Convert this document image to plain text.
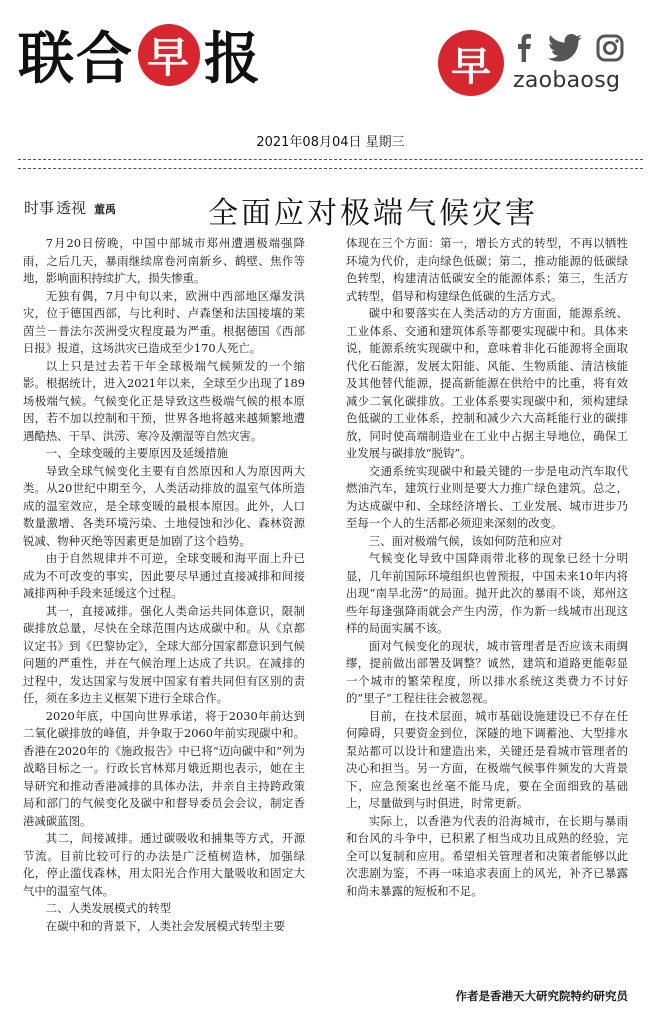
联合 早 报	早	zaobaosg
2021年08月04日 星期三
时事 透视 董禹	全面应对极端气候灾害

7月20日傍晚，中国中部城市郑州遭遇极端强降雨，之后几天，暴雨继续席卷河南新乡、鹤壁、焦作等地，影响面积持续扩大，损失惨重。

无独有偶，7月中旬以来，欧洲中西部地区爆发洪灾，位于德国西部，与比利时、卢森堡和法国接壤的莱茵兰－普法尔茨洲受灾程度最为严重。根据德国《西部日报》报道，这场洪灾已造成至少170人死亡。

以上只是过去若干年全球极端气候频发的一个缩影。根据统计，进入2021年以来，全球至少出现了189场极端气候。气候变化正是导致这些极端气候的根本原因，若不加以控制和干预，世界各地将越来越频繁地遭遇酷热、干旱、洪涝、寒冷及潮湿等自然灾害。

一、全球变暖的主要原因及延缓措施

导致全球气候变化主要有自然原因和人为原因两大类。从20世纪中期至今，人类活动排放的温室气体所造成的温室效应，是全球变暖的最根本原因。此外，人口数量激增、各类环境污染、土地侵蚀和沙化、森林资源锐减、物种灭绝等因素更是加剧了这个趋势。

由于自然规律并不可逆，全球变暖和海平面上升已成为不可改变的事实，因此要尽早通过直接减排和间接减排两种手段来延缓这个过程。

其一，直接减排。强化人类命运共同体意识，限制碳排放总量，尽快在全球范围内达成碳中和。从《京都议定书》到《巴黎协定》，全球大部分国家都意识到气候问题的严重性，并在气候治理上达成了共识。在减排的过程中，发达国家与发展中国家有着共同但有区别的责任，须在多边主义框架下进行全球合作。

2020年底，中国向世界承诺，将于2030年前达到二氧化碳排放的峰值，并争取于2060年前实现碳中和。香港在2020年的《施政报告》中已将“迈向碳中和”列为战略目标之一。行政长官林郑月娥近期也表示，她在主导研究和推动香港减排的具体办法，并亲自主持跨政策局和部门的气候变化及碳中和督导委员会会议，制定香港减碳蓝图。

其二，间接减排。通过碳吸收和捕集等方式，开源节流。目前比较可行的办法是广泛植树造林，加强绿化，停止滥伐森林，用太阳光合作用大量吸收和固定大气中的温室气体。

二、人类发展模式的转型

在碳中和的背景下，人类社会发展模式转型主要

体现在三个方面：第一，增长方式的转型，不再以牺牲环境为代价，走向绿色低碳；第二，推动能源的低碳绿色转型，构建清洁低碳安全的能源体系；第三，生活方式转型，倡导和构建绿色低碳的生活方式。

碳中和要落实在人类活动的方方面面，能源系统、工业体系、交通和建筑体系等都要实现碳中和。具体来说，能源系统实现碳中和，意味着非化石能源将全面取代化石能源，发展太阳能、风能、生物质能、清洁核能及其他替代能源，提高新能源在供给中的比重，将有效减少二氧化碳排放。工业体系要实现碳中和，须构建绿色低碳的工业体系，控制和减少六大高耗能行业的碳排放，同时使高端制造业在工业中占据主导地位，确保工业发展与碳排放“脱钩”。

交通系统实现碳中和最关键的一步是电动汽车取代燃油汽车，建筑行业则是要大力推广绿色建筑。总之，为达成碳中和、全球经济增长、工业发展、城市进步乃至每一个人的生活都必须迎来深刻的改变。

三、面对极端气候，该如何防范和应对

气候变化导致中国降雨带北移的现象已经十分明显，几年前国际环境组织也曾预报，中国未来10年内将出现“南旱北涝”的局面。抛开此次的暴雨不谈，郑州这些年每逢强降雨就会产生内涝，作为新一线城市出现这样的局面实属不该。

面对气候变化的现状，城市管理者是否应该未雨绸缪，提前做出部署及调整？诚然，建筑和道路更能彰显一个城市的繁荣程度，所以排水系统这类费力不讨好的“里子”工程往往会被忽视。

目前，在技术层面，城市基础设施建设已不存在任何障碍，只要资金到位，深隧的地下调蓄池、大型排水泵站都可以设计和建造出来，关键还是看城市管理者的决心和担当。另一方面，在极端气候事件频发的大背景下，应急预案也丝毫不能马虎，要在全面细致的基础上，尽量做到与时俱进，时常更新。

实际上，以香港为代表的沿海城市，在长期与暴雨和台风的斗争中，已积累了相当成功且成熟的经验，完全可以复制和应用。希望相关管理者和决策者能够以此次悲剧为鉴，不再一味追求表面上的风光，补齐已暴露和尚未暴露的短板和不足。

作者是香港天大研究院特约研究员
